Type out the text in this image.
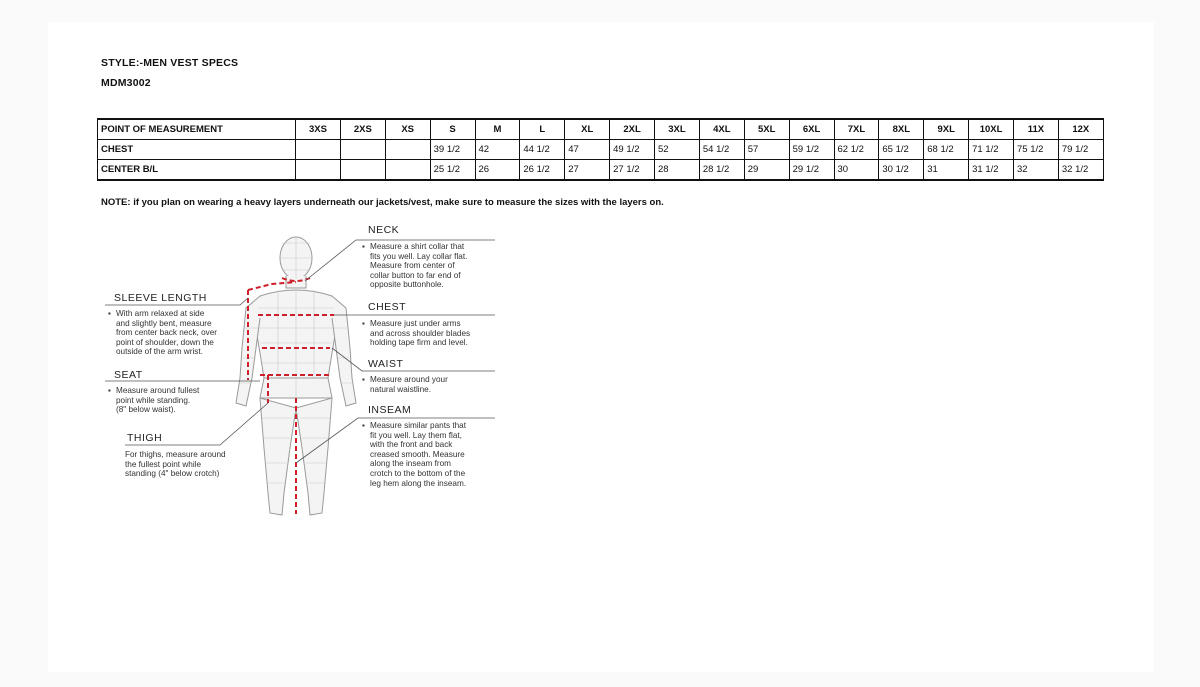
STYLE:-MEN VEST SPECS
MDM3002
POINT OF MEASUREMENT	3XS	2XS	XS	S	M	L	XL	2XL	3XL	4XL	5XL	6XL	7XL	8XL	9XL	10XL	11X	12X
CHEST				39 1/2	42	44 1/2	47	49 1/2	52	54 1/2	57	59 1/2	62 1/2	65 1/2	68 1/2	71 1/2	75 1/2	79 1/2
CENTER B/L				25 1/2	26	26 1/2	27	27 1/2	28	28 1/2	29	29 1/2	30	30 1/2	31	31 1/2	32	32 1/2
NOTE: if you plan on wearing a heavy layers underneath our jackets/vest, make sure to measure the sizes with the layers on.
NECK
▪ Measure a shirt collar that
fits you well. Lay collar flat.
Measure from center of
collar button to far end of
opposite buttonhole.
CHEST
▪ Measure just under arms
and across shoulder blades
holding tape firm and level.
WAIST
▪ Measure around your
natural waistline.
INSEAM
▪ Measure similar pants that
fit you well. Lay them flat,
with the front and back
creased smooth. Measure
along the inseam from
crotch to the bottom of the
leg hem along the inseam.
SLEEVE LENGTH
▪ With arm relaxed at side
and slightly bent, measure
from center back neck, over
point of shoulder, down the
outside of the arm wrist.
SEAT
▪ Measure around fullest
point while standing.
(8" below waist).
THIGH
For thighs, measure around
the fullest point while
standing (4" below crotch)
